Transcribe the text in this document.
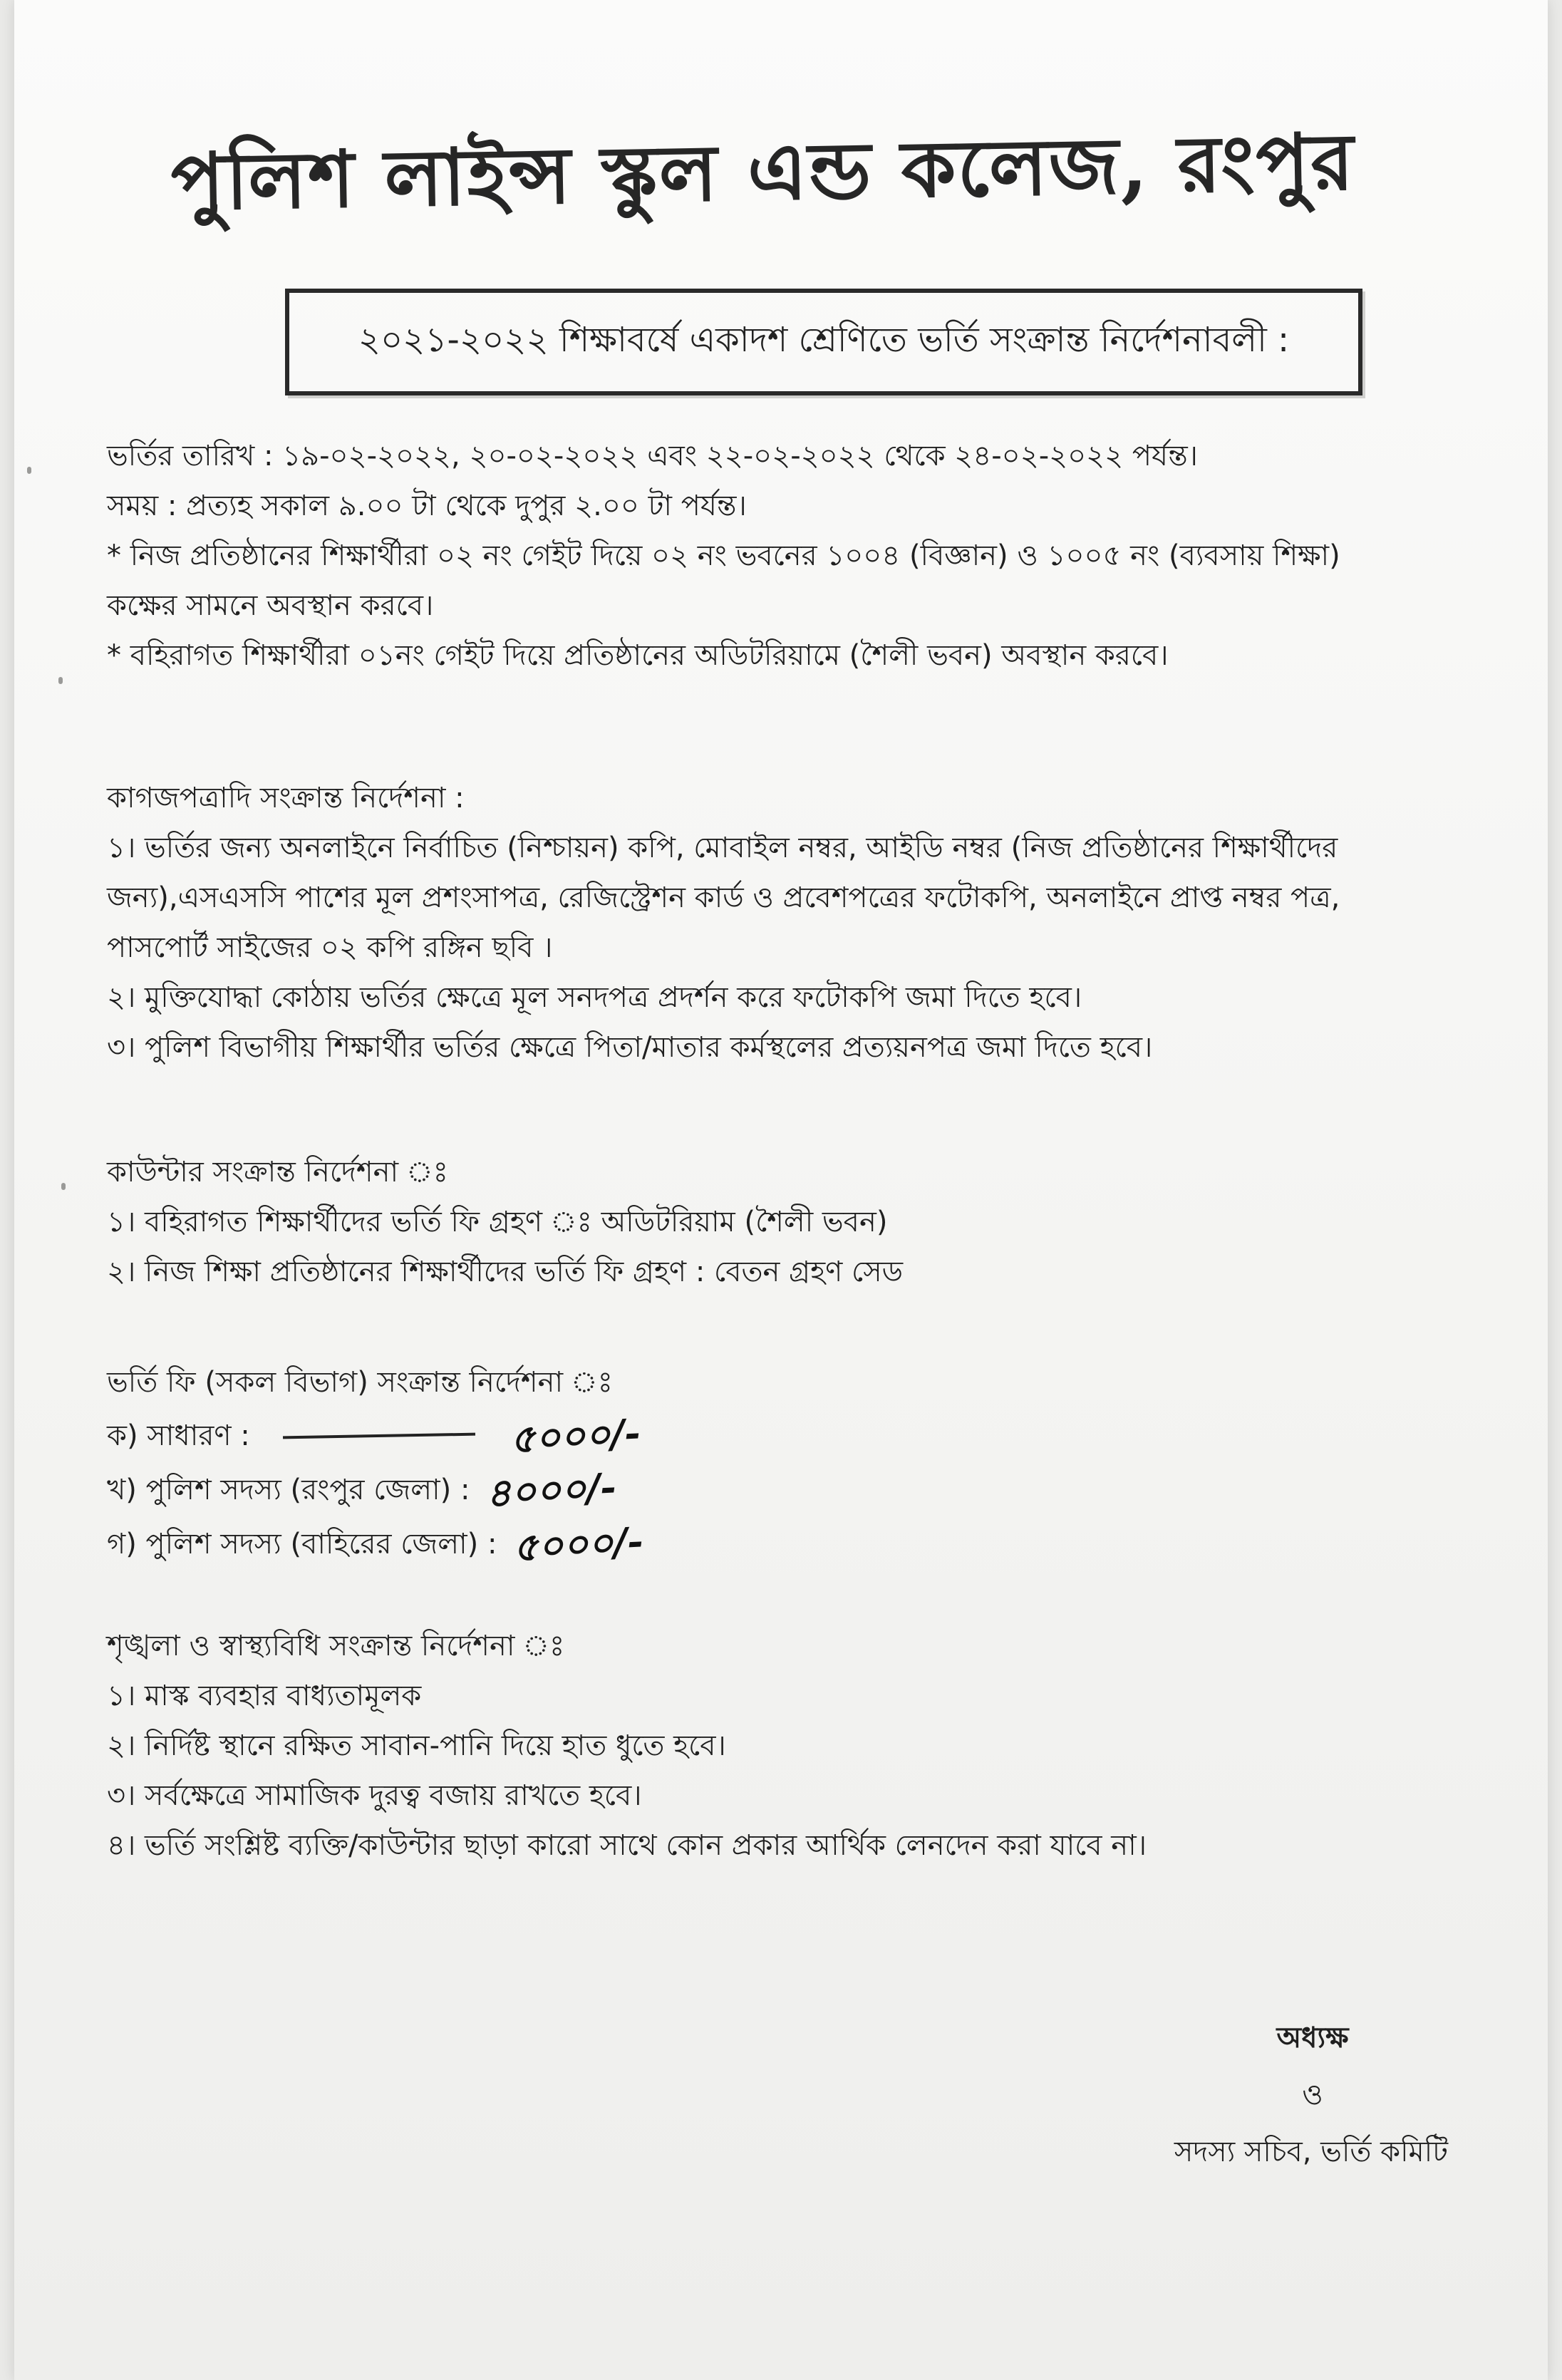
পুলিশ লাইন্স স্কুল এন্ড কলেজ, রংপুর
২০২১-২০২২ শিক্ষাবর্ষে একাদশ শ্রেণিতে ভর্তি সংক্রান্ত নির্দেশনাবলী :
ভর্তির তারিখ : ১৯-০২-২০২২, ২০-০২-২০২২ এবং ২২-০২-২০২২ থেকে ২৪-০২-২০২২ পর্যন্ত।
সময় : প্রত্যহ সকাল ৯.০০ টা থেকে দুপুর ২.০০ টা পর্যন্ত।
* নিজ প্রতিষ্ঠানের শিক্ষার্থীরা ০২ নং গেইট দিয়ে ০২ নং ভবনের ১০০৪ (বিজ্ঞান) ও ১০০৫ নং (ব্যবসায় শিক্ষা)
কক্ষের সামনে অবস্থান করবে।
* বহিরাগত শিক্ষার্থীরা ০১নং গেইট দিয়ে প্রতিষ্ঠানের অডিটরিয়ামে (শৈলী ভবন) অবস্থান করবে।
কাগজপত্রাদি সংক্রান্ত নির্দেশনা :
১। ভর্তির জন্য অনলাইনে নির্বাচিত (নিশ্চায়ন) কপি, মোবাইল নম্বর, আইডি নম্বর (নিজ প্রতিষ্ঠানের শিক্ষার্থীদের
জন্য),এসএসসি পাশের মূল প্রশংসাপত্র, রেজিস্ট্রেশন কার্ড ও প্রবেশপত্রের ফটোকপি, অনলাইনে প্রাপ্ত নম্বর পত্র,
পাসপোর্ট সাইজের ০২ কপি রঙ্গিন ছবি ।
২। মুক্তিযোদ্ধা কোঠায় ভর্তির ক্ষেত্রে মূল সনদপত্র প্রদর্শন করে ফটোকপি জমা দিতে হবে।
৩। পুলিশ বিভাগীয় শিক্ষার্থীর ভর্তির ক্ষেত্রে পিতা/মাতার কর্মস্থলের প্রত্যয়নপত্র জমা দিতে হবে।
কাউন্টার সংক্রান্ত নির্দেশনা ঃ
১। বহিরাগত শিক্ষার্থীদের ভর্তি ফি গ্রহণ ঃ অডিটরিয়াম (শৈলী ভবন)
২। নিজ শিক্ষা প্রতিষ্ঠানের শিক্ষার্থীদের ভর্তি ফি গ্রহণ : বেতন গ্রহণ সেড
ভর্তি ফি (সকল বিভাগ) সংক্রান্ত নির্দেশনা ঃ
ক) সাধারণ :	৫০০০/-
খ) পুলিশ সদস্য (রংপুর জেলা) : ৪০০০/-
গ) পুলিশ সদস্য (বাহিরের জেলা) : ৫০০০/-
শৃঙ্খলা ও স্বাস্থ্যবিধি সংক্রান্ত নির্দেশনা ঃ
১। মাস্ক ব্যবহার বাধ্যতামূলক
২। নির্দিষ্ট স্থানে রক্ষিত সাবান-পানি দিয়ে হাত ধুতে হবে।
৩। সর্বক্ষেত্রে সামাজিক দুরত্ব বজায় রাখতে হবে।
৪। ভর্তি সংশ্লিষ্ট ব্যক্তি/কাউন্টার ছাড়া কারো সাথে কোন প্রকার আর্থিক লেনদেন করা যাবে না।
অধ্যক্ষ
ও
সদস্য সচিব, ভর্তি কমিটি
